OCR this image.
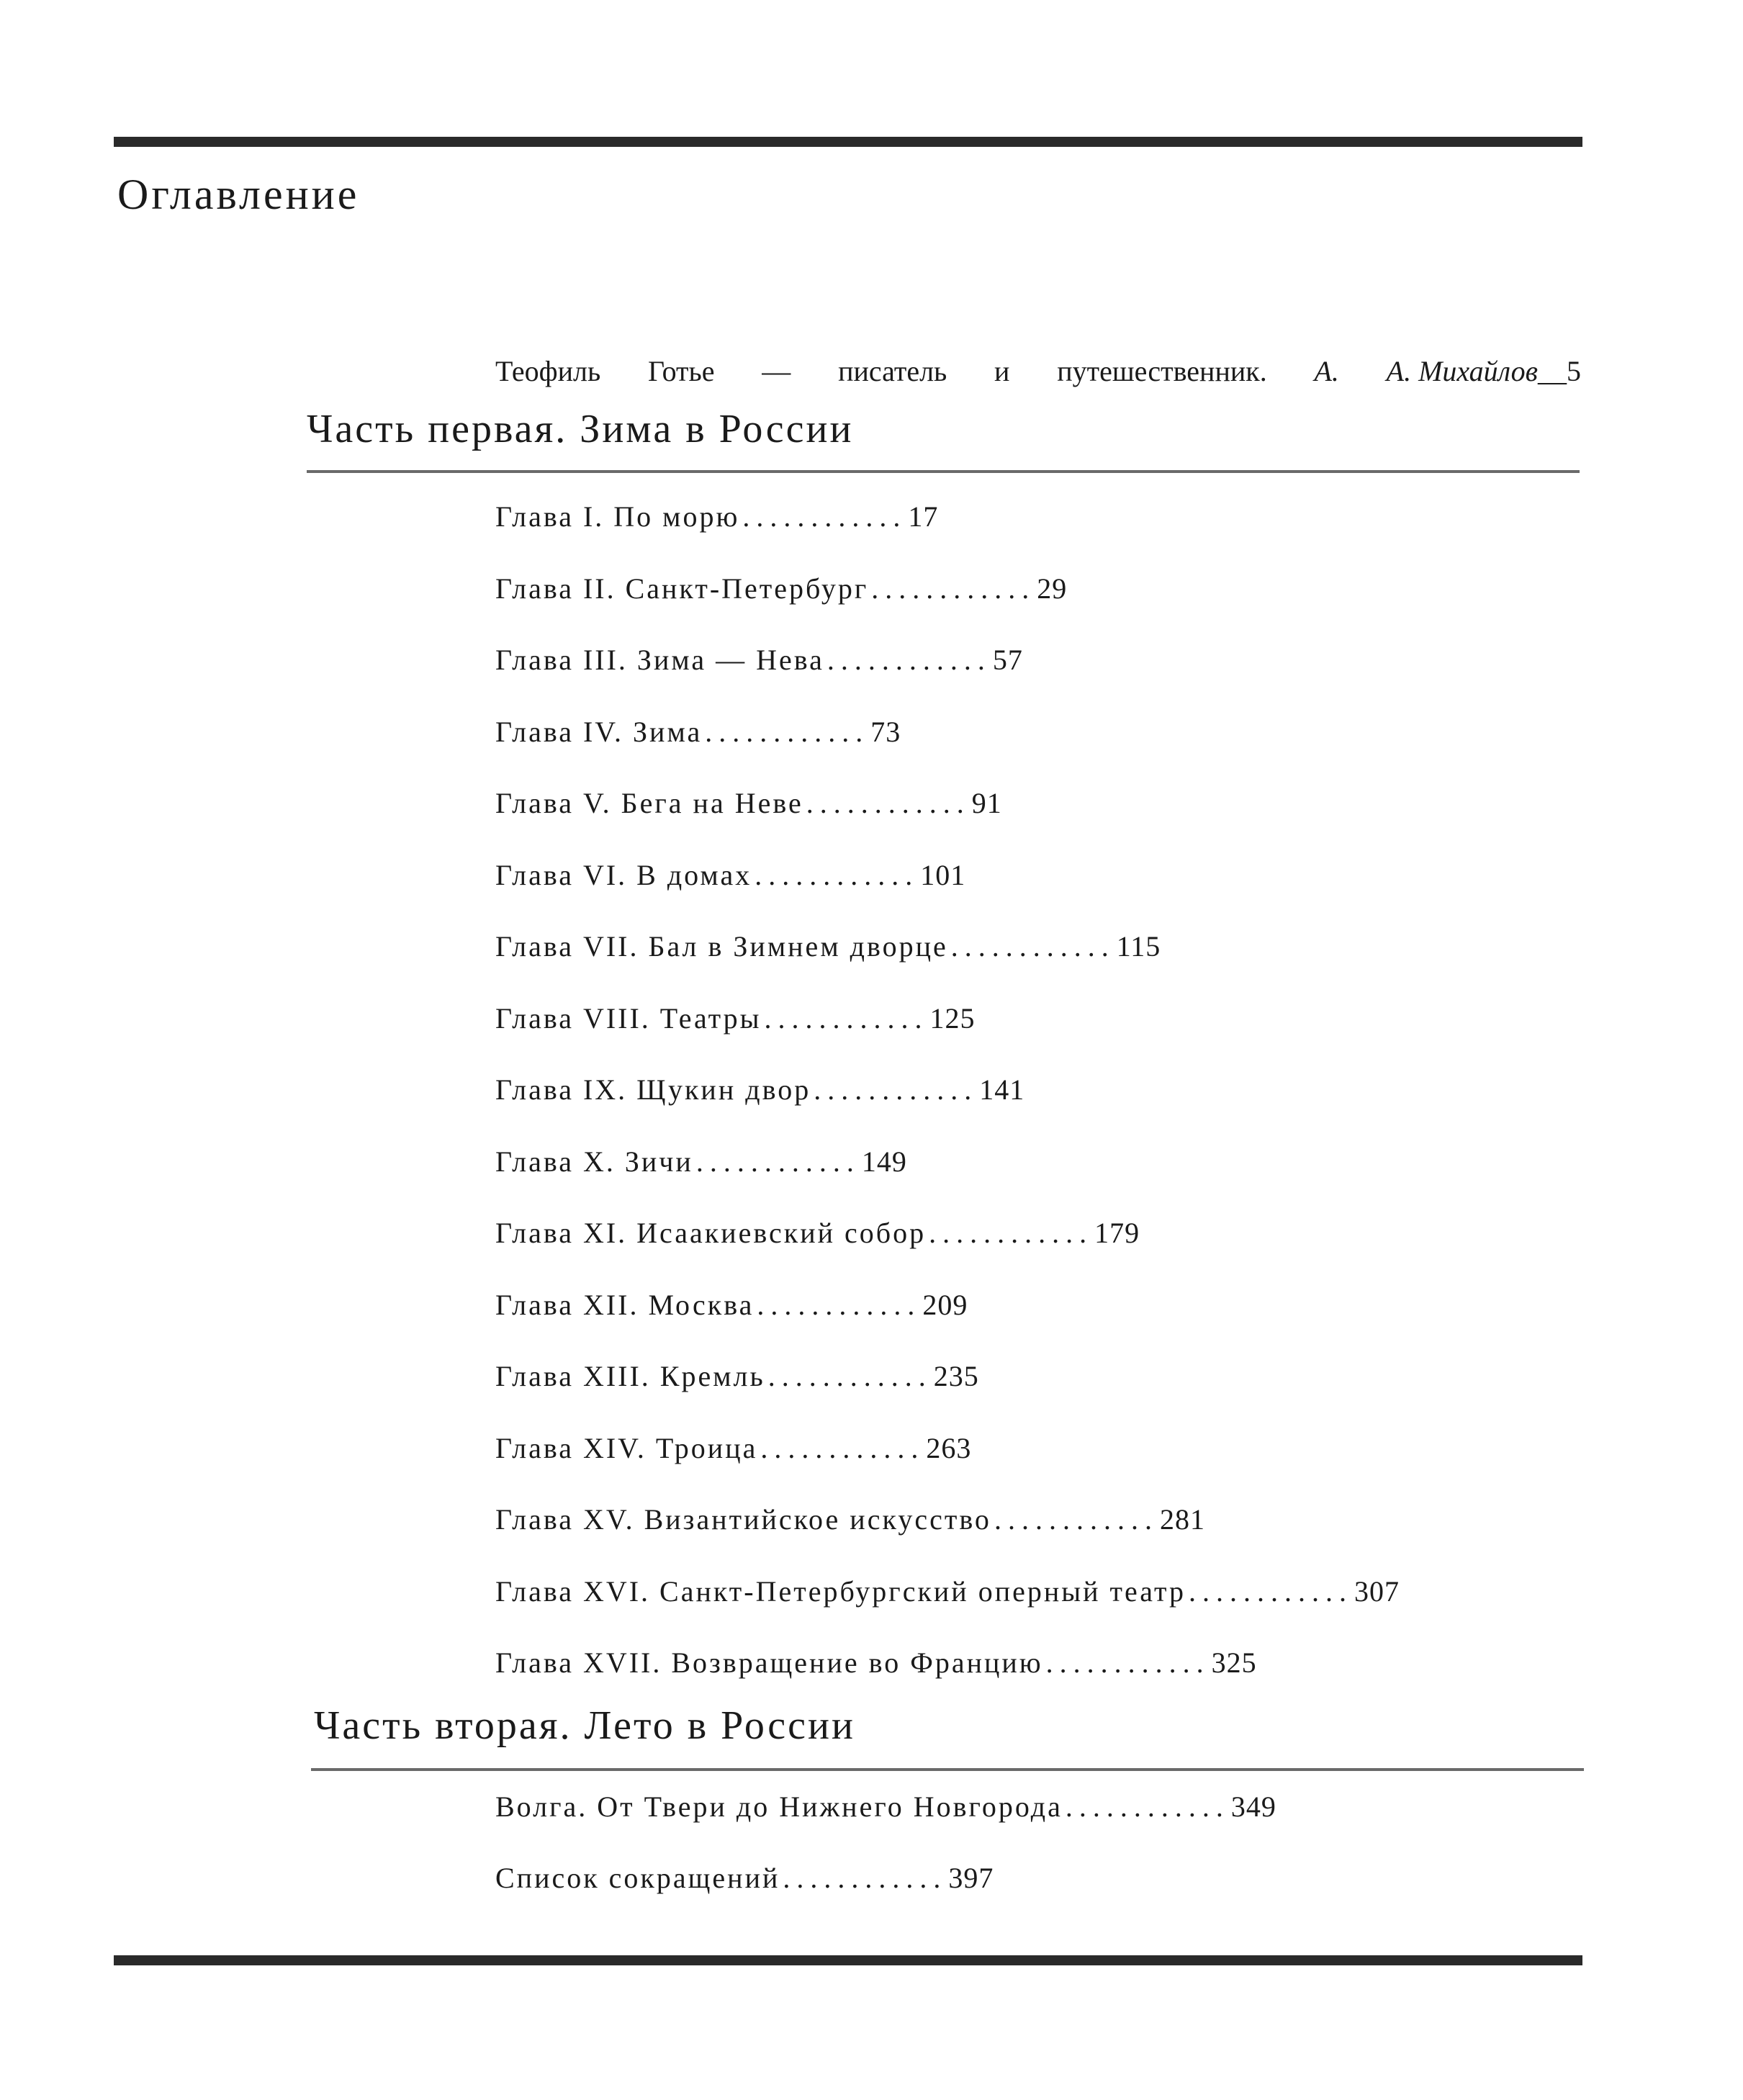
Оглавление
Теофиль Готье — писатель и путешественник. А. А. Михайлов__5
Часть первая. Зима в России
Глава I. По морю ............17
Глава II. Санкт-Петербург ............29
Глава III. Зима — Нева ............57
Глава IV. Зима ............73
Глава V. Бега на Неве ............91
Глава VI. В домах ............101
Глава VII. Бал в Зимнем дворце ............115
Глава VIII. Театры ............125
Глава IX. Щукин двор ............141
Глава X. Зичи ............149
Глава XI. Исаакиевский собор ............179
Глава XII. Москва ............209
Глава XIII. Кремль ............235
Глава XIV. Троица ............263
Глава XV. Византийское искусство ............281
Глава XVI. Санкт-Петербургский оперный театр ............307
Глава XVII. Возвращение во Францию ............325
Часть вторая. Лето в России
Волга. От Твери до Нижнего Новгорода ............349
Список сокращений ............397
